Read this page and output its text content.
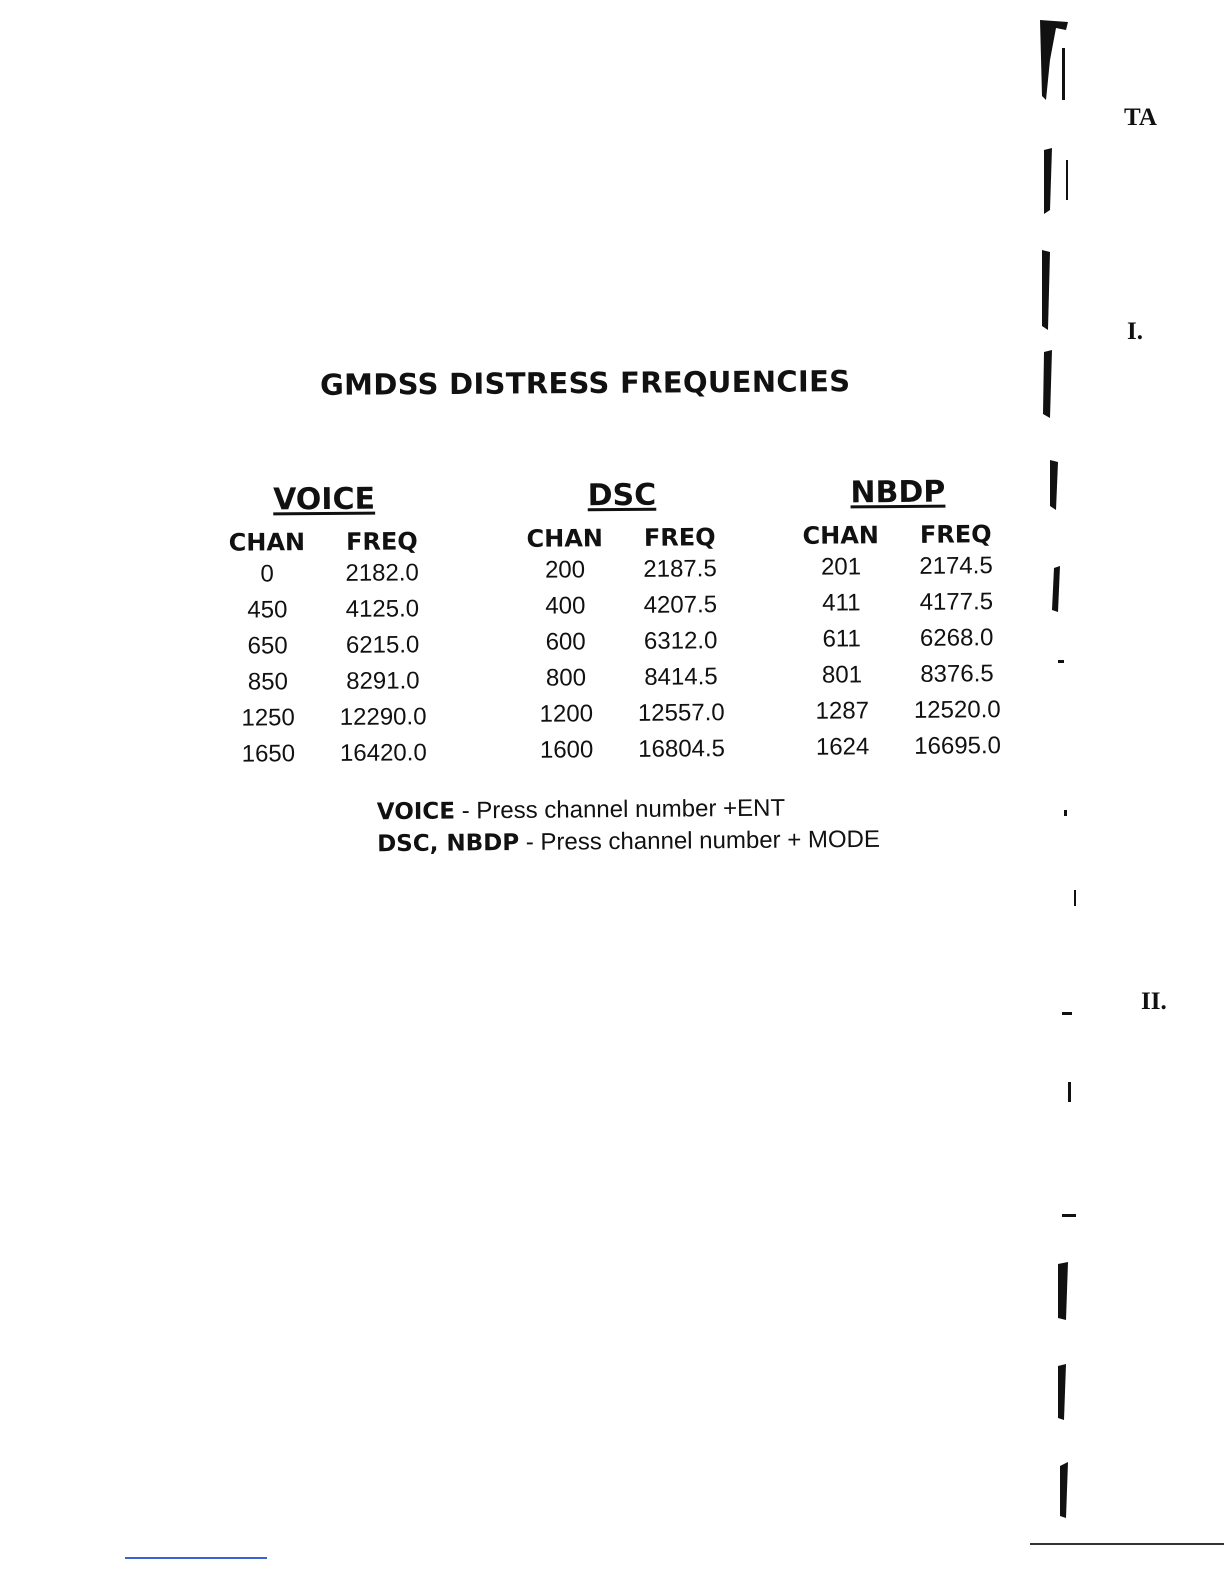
GMDSS DISTRESS FREQUENCIES
VOICE
CHAN	FREQ
0	2182.0
450	4125.0
650	6215.0
850	8291.0
1250	12290.0
1650	16420.0
DSC
CHAN	FREQ
200	2187.5
400	4207.5
600	6312.0
800	8414.5
1200	12557.0
1600	16804.5
NBDP
CHAN	FREQ
201	2174.5
411	4177.5
611	6268.0
801	8376.5
1287	12520.0
1624	16695.0
VOICE - Press channel number +ENT
DSC, NBDP - Press channel number + MODE
TA
I.
II.
